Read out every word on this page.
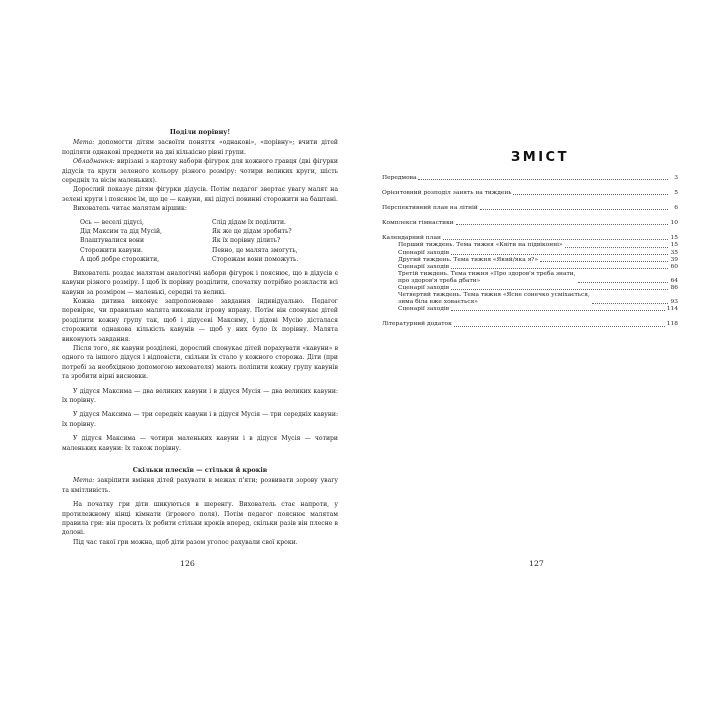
Поділи порівну!

Мета: допомогти дітям засвоїти поняття «однакові», «порівну»; вчити дітей поділяти однакові предмети на дві кількісно рівні групи.

Обладнання: вирізані з картону набори фігурок для кожного гравця (дві фігурки дідусів та круги зеленого кольору різного розміру: чотири великих круги, шість середніх та вісім маленьких).

Дорослий показує дітям фігурки дідусів. Потім педагог звертає увагу малят на зелені круги і пояснює їм, що це — кавуни, які дідусі повинні сторожити на баштані.

Вихователь читає малятам віршик:

Ось — веселі дідусі,	Слід дідам їх поділити.
Дід Максим та дід Мусій,	Як же це дідам зробить?
Влаштувалися вони	Як їх порівну ділить?
Сторожити кавуни.	Певно, це малята змогуть,
А щоб добре сторожити,	Сторожам вони поможуть.

Вихователь роздає малятам аналогічні набори фігурок і пояснює, що в дідусів є кавуни різного розміру. І щоб їх порівну розділити, спочатку потрібно розкласти всі кавуни за розміром — маленькі, середні та великі.

Кожна дитина виконує запропоноване завдання індивідуально. Педагог перевіряє, чи правильно малята виконали ігрову вправу. Потім він спонукає дітей розділити кожну групу так, щоб і дідусеві Максиму, і дідові Мусію дісталася сторожити однакова кількість кавунів — щоб у них було їх порівну. Малята виконують завдання.

Після того, як кавуни розділені, дорослий спонукає дітей порахувати «кавуни» в одного та іншого дідуся і відповісти, скільки їх стало у кожного сторожа. Діти (при потребі за необхідною допомогою вихователя) мають поліпити кожну групу кавунів та зробити вірні висновки.

У дідуся Максима — два великих кавуни і в дідуся Мусія — два великих кавуни: їх порівну.

У дідуся Максима — три середніх кавуни і в дідуся Мусія — три середніх кавуни: їх порівну.

У дідуся Максима — чотири маленьких кавуни і в дідуся Мусія — чотири маленьких кавуни: їх також порівну.

Скільки плескїв — стільки й кроків

Мета: закріпити вміння дітей рахувати в межах п'яти; розвивати зорову увагу та кмітливість.

На початку гри діти шикуються в шеренгу. Вихователь стає напроти, у протилежному кінці кімнати (ігрового поля). Потім педагог пояснює малятам правила гри: він просить їх робити стільки кроків вперед, скільки разів він плесне в долоні.

Під час такої гри можна, щоб діти разом уголос рахували свої кроки.

126
ЗМІСТ
Передмова	3
Орієнтовний розподіл занять на тиждень	5
Перспективний план на літній	6
Комплекси гімнастики	10
Календарний план	15
Перший тиждень. Тема тижня «Квіти на підвіконні»	15
Сценарії заходів	35
Другий тиждень. Тема тижня «Який/яка я?»	39
Сценарії заходів	60
Третій тиждень. Тема тижня «Про здоров'я треба знати,
про здоров'я треба дбати»	64
Сценарії заходів	86
Четвертий тиждень. Тема тижня «Ясне сонечко усміхається,
зима біла вже ховається»	93
Сценарії заходів	114
Літературний додаток	118
127
